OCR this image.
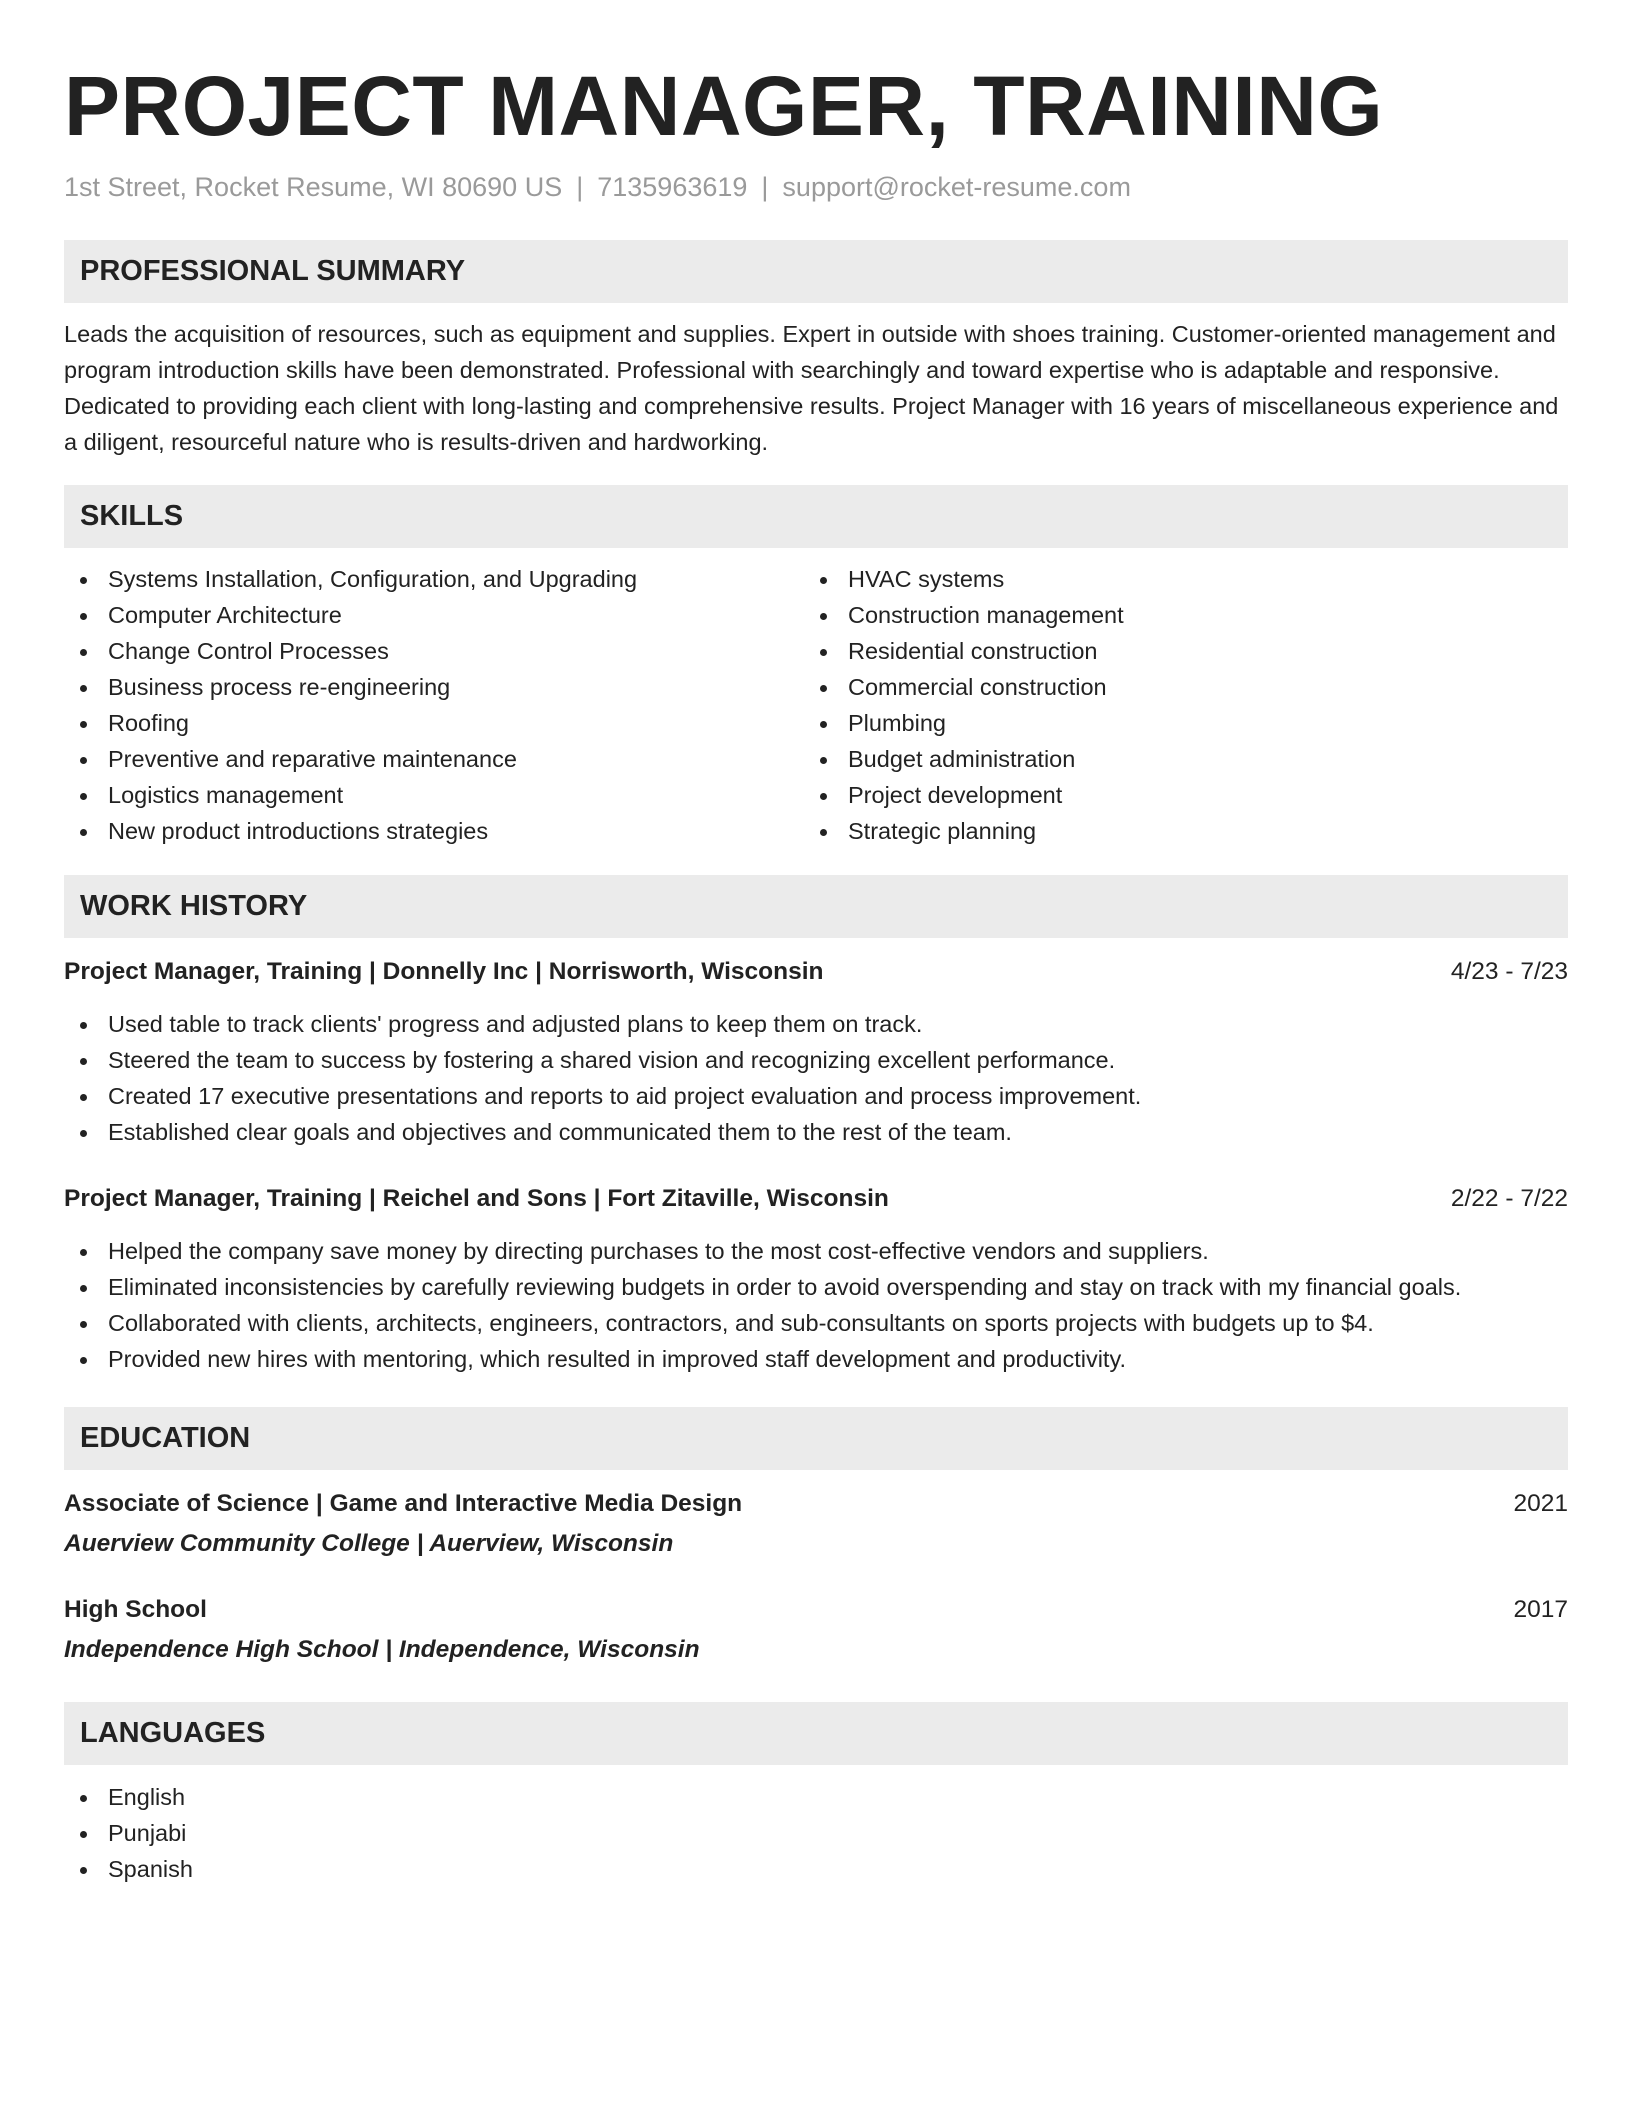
PROJECT MANAGER, TRAINING
1st Street, Rocket Resume, WI 80690 US | 7135963619 | support@rocket-resume.com
PROFESSIONAL SUMMARY
Leads the acquisition of resources, such as equipment and supplies. Expert in outside with shoes training. Customer-oriented management and program introduction skills have been demonstrated. Professional with searchingly and toward expertise who is adaptable and responsive. Dedicated to providing each client with long-lasting and comprehensive results. Project Manager with 16 years of miscellaneous experience and a diligent, resourceful nature who is results-driven and hardworking.
SKILLS
Systems Installation, Configuration, and Upgrading
Computer Architecture
Change Control Processes
Business process re-engineering
Roofing
Preventive and reparative maintenance
Logistics management
New product introductions strategies
HVAC systems
Construction management
Residential construction
Commercial construction
Plumbing
Budget administration
Project development
Strategic planning
WORK HISTORY
Project Manager, Training | Donnelly Inc | Norrisworth, Wisconsin	4/23 - 7/23
Used table to track clients' progress and adjusted plans to keep them on track.
Steered the team to success by fostering a shared vision and recognizing excellent performance.
Created 17 executive presentations and reports to aid project evaluation and process improvement.
Established clear goals and objectives and communicated them to the rest of the team.
Project Manager, Training | Reichel and Sons | Fort Zitaville, Wisconsin	2/22 - 7/22
Helped the company save money by directing purchases to the most cost-effective vendors and suppliers.
Eliminated inconsistencies by carefully reviewing budgets in order to avoid overspending and stay on track with my financial goals.
Collaborated with clients, architects, engineers, contractors, and sub-consultants on sports projects with budgets up to $4.
Provided new hires with mentoring, which resulted in improved staff development and productivity.
EDUCATION
Associate of Science | Game and Interactive Media Design	2021
Auerview Community College | Auerview, Wisconsin
High School	2017
Independence High School | Independence, Wisconsin
LANGUAGES
English
Punjabi
Spanish
